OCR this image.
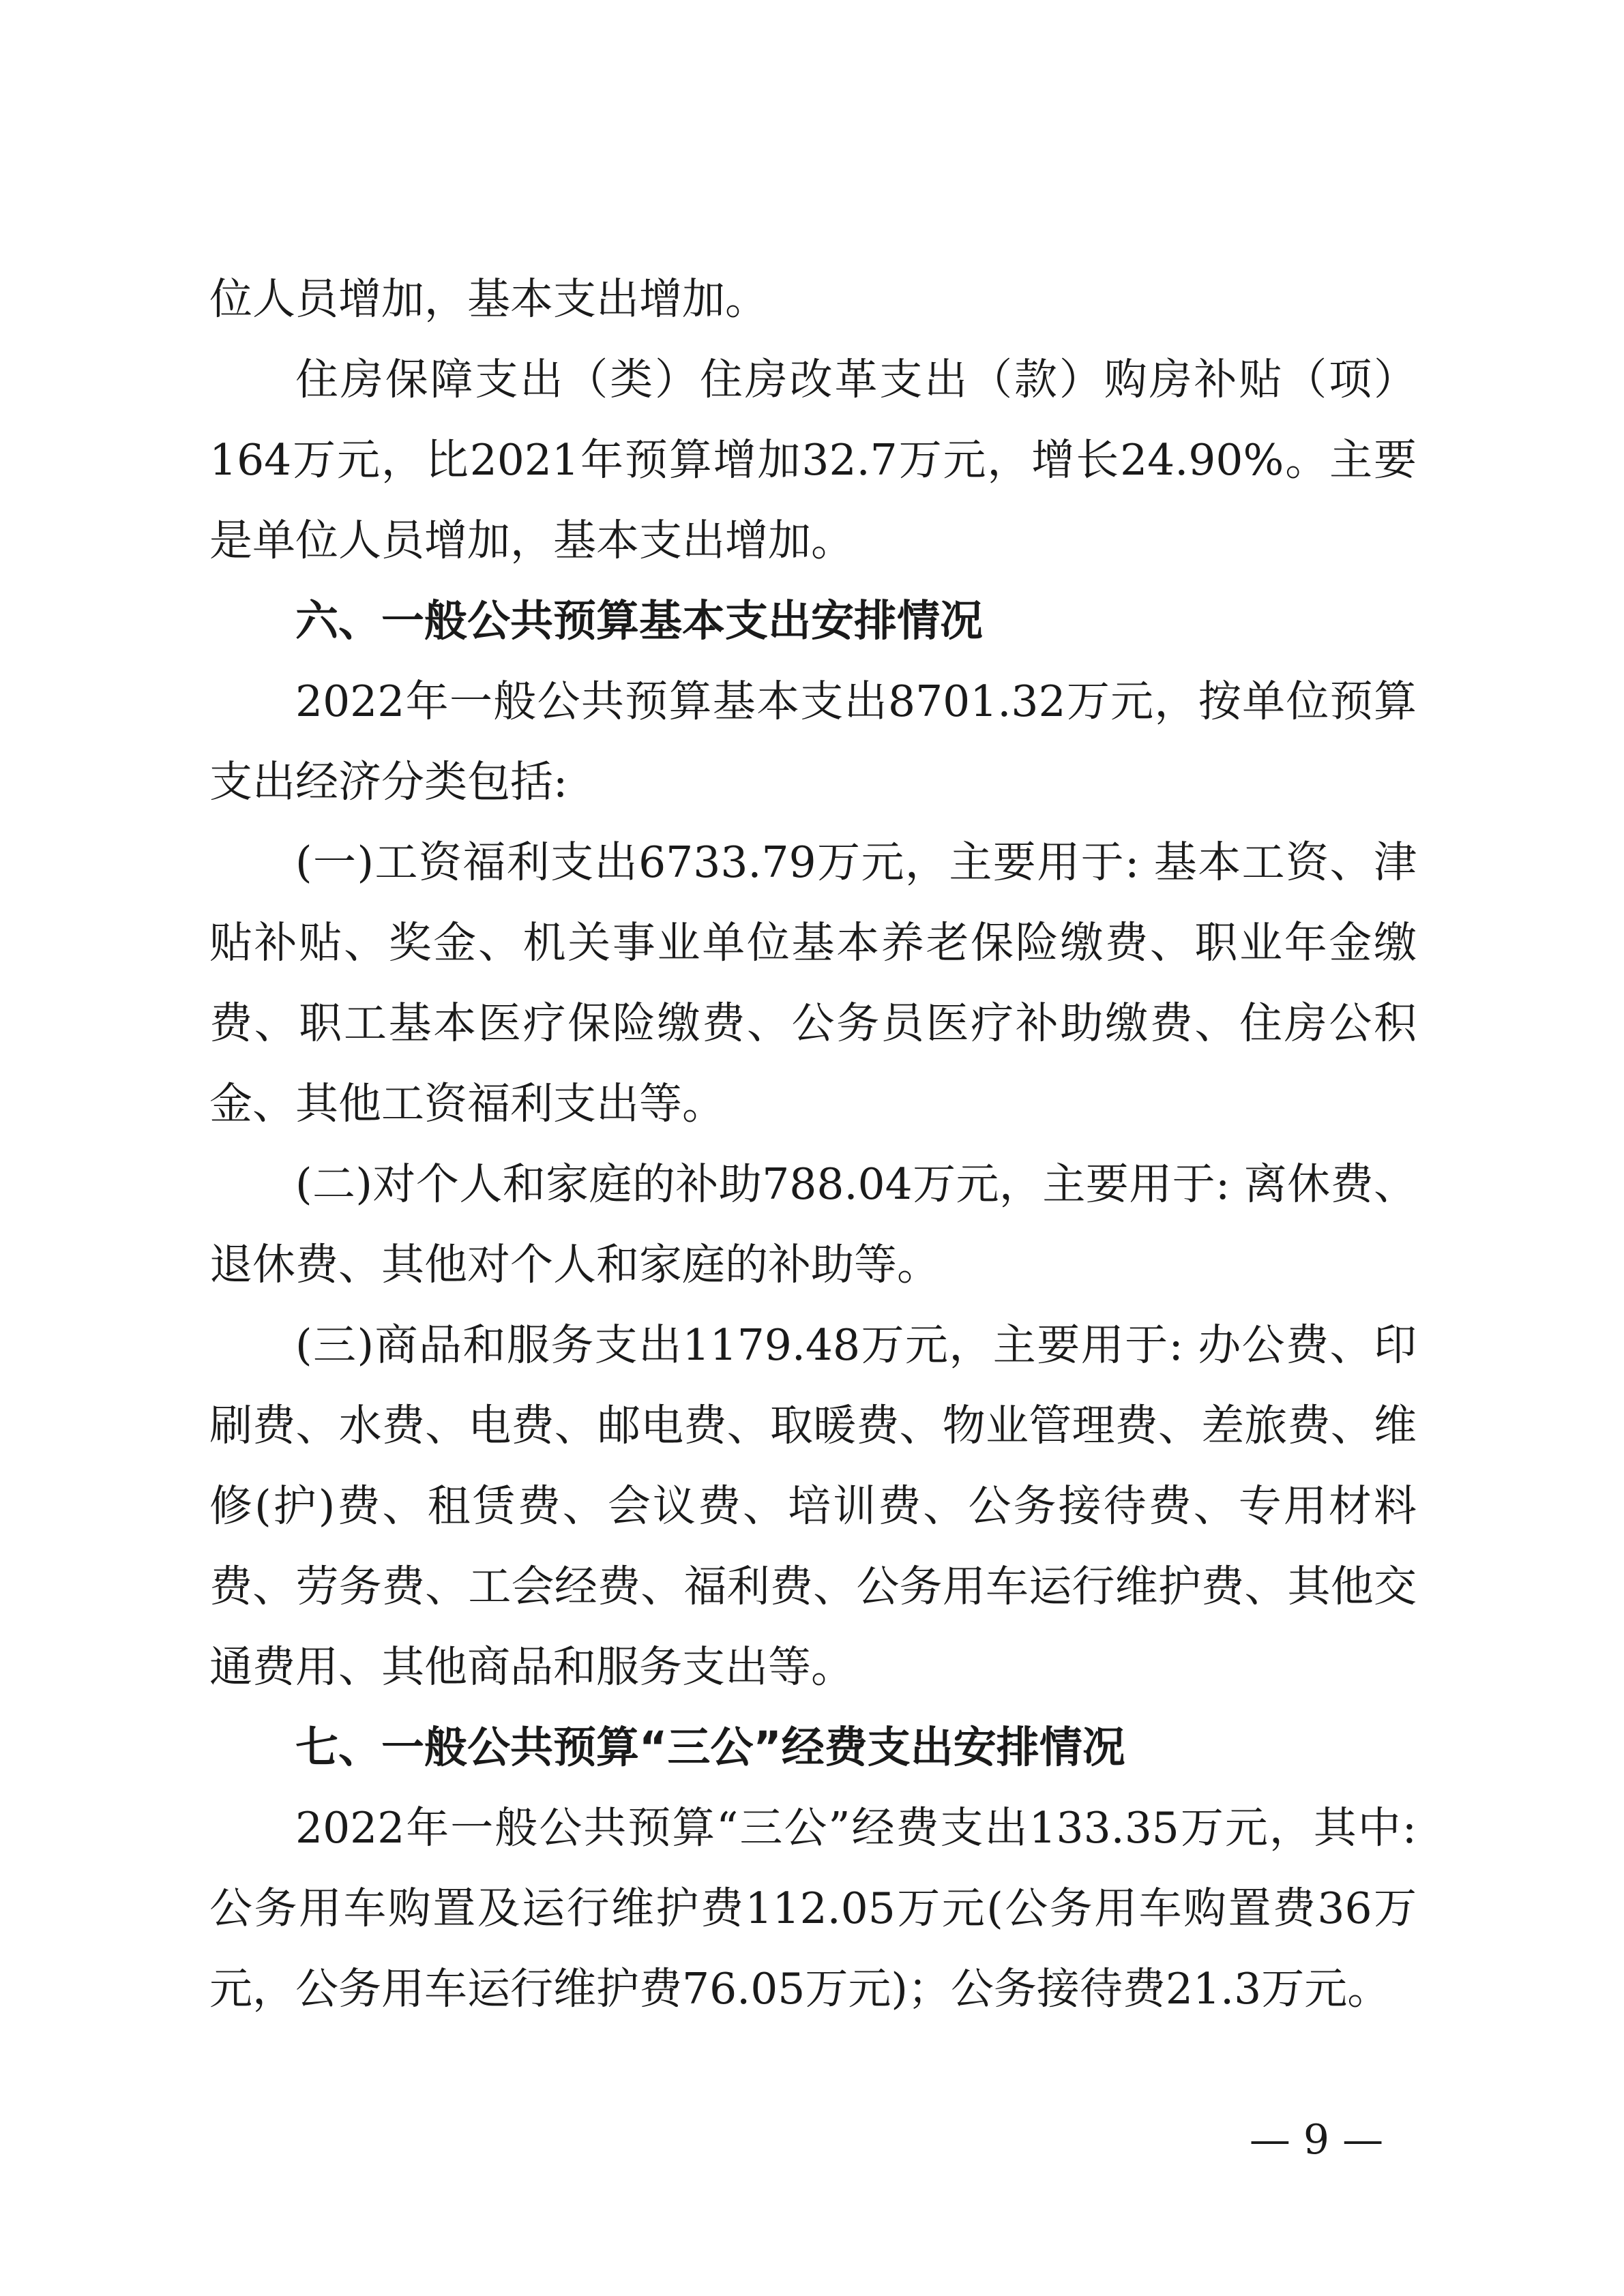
位人员增加，基本支出增加。

住房保障支出（类）住房改革支出（款）购房补贴（项）164万元，比2021年预算增加32.7万元，增长24.90%。主要是单位人员增加，基本支出增加。

六、一般公共预算基本支出安排情况

2022年一般公共预算基本支出8701.32万元，按单位预算支出经济分类包括:

(一)工资福利支出6733.79万元，主要用于: 基本工资、津贴补贴、奖金、机关事业单位基本养老保险缴费、职业年金缴费、职工基本医疗保险缴费、公务员医疗补助缴费、住房公积金、其他工资福利支出等。

(二)对个人和家庭的补助788.04万元，主要用于: 离休费、退休费、其他对个人和家庭的补助等。

(三)商品和服务支出1179.48万元，主要用于: 办公费、印刷费、水费、电费、邮电费、取暖费、物业管理费、差旅费、维修(护)费、租赁费、会议费、培训费、公务接待费、专用材料费、劳务费、工会经费、福利费、公务用车运行维护费、其他交通费用、其他商品和服务支出等。

七、一般公共预算“三公”经费支出安排情况

2022年一般公共预算“三公”经费支出133.35万元，其中: 公务用车购置及运行维护费112.05万元(公务用车购置费36万元，公务用车运行维护费76.05万元)；公务接待费21.3万元。

— 9 —
